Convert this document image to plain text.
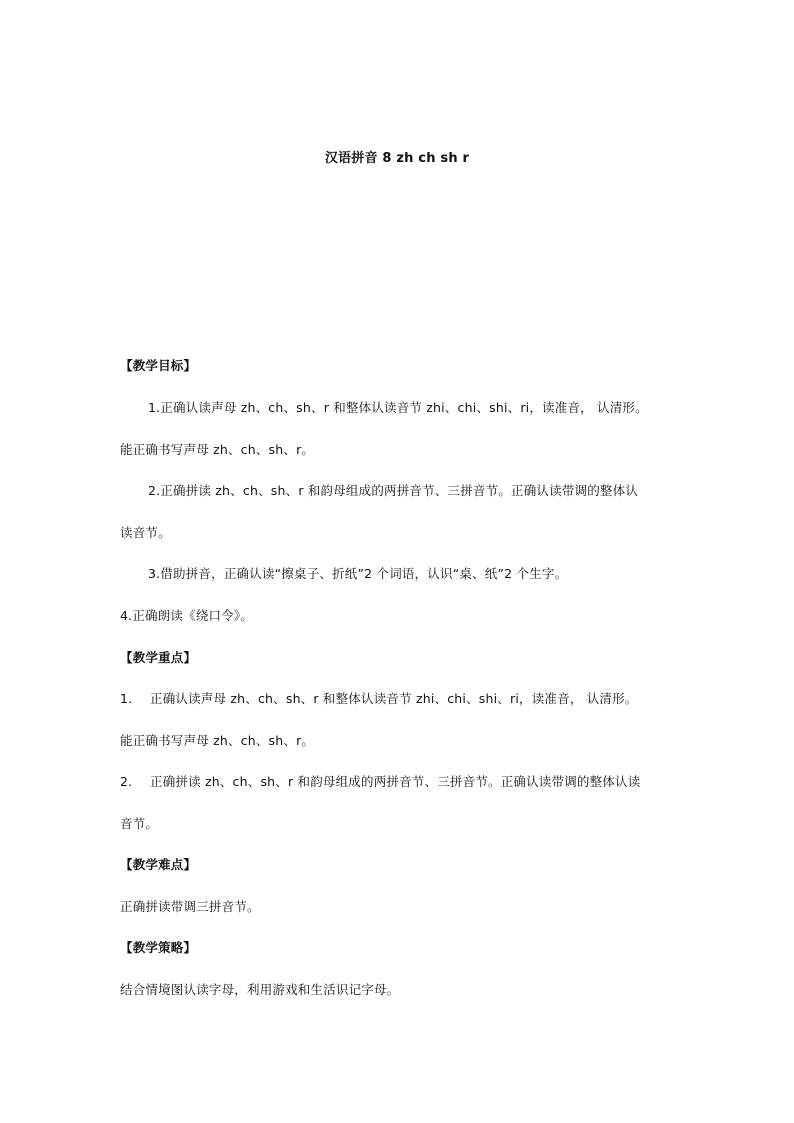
汉语拼音 8 zh ch sh r
【教学目标】
1.正确认读声母 zh、ch、sh、r 和整体认读音节 zhi、chi、shi、ri，读准音， 认清形。
能正确书写声母 zh、ch、sh、r。
2.正确拼读 zh、ch、sh、r 和韵母组成的两拼音节、三拼音节。正确认读带调的整体认
读音节。
3.借助拼音，正确认读“擦桌子、折纸”2 个词语，认识“桌、纸”2 个生字。
4.正确朗读《绕口令》。
【教学重点】
1. 正确认读声母 zh、ch、sh、r 和整体认读音节 zhi、chi、shi、ri，读准音， 认清形。
能正确书写声母 zh、ch、sh、r。
2. 正确拼读 zh、ch、sh、r 和韵母组成的两拼音节、三拼音节。正确认读带调的整体认读
音节。
【教学难点】
正确拼读带调三拼音节。
【教学策略】
结合情境图认读字母，利用游戏和生活识记字母。
